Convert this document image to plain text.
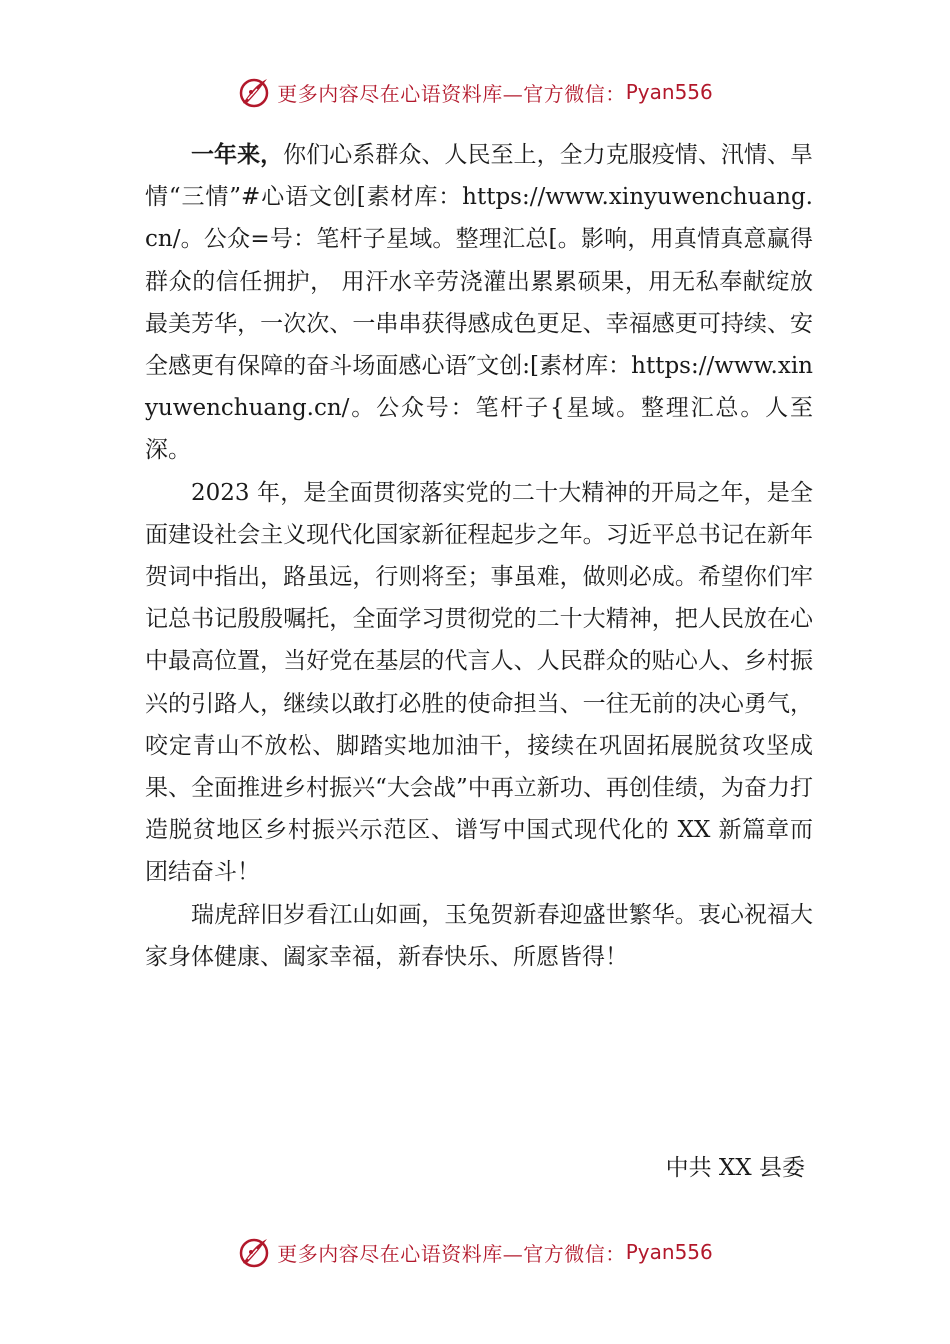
更多内容尽在心语资料库—官方微信： Pyan556

一年来，你们心系群众、人民至上，全力克服疫情、汛情、旱情“三情”#心语文创[素材库：https://www.xinyuwenchuang.cn/。公众=号：笔杆子星域。整理汇总[。影响，用真情真意赢得群众的信任拥护， 用汗水辛劳浇灌出累累硕果，用无私奉献绽放最美芳华，一次次、一串串获得感成色更足、幸福感更可持续、安全感更有保障的奋斗场面感心语″文创:[素材库：https://www.xinyuwenchuang.cn/。公众号：笔杆子{星域。整理汇总。人至深。

2023 年，是全面贯彻落实党的二十大精神的开局之年，是全面建设社会主义现代化国家新征程起步之年。习近平总书记在新年贺词中指出，路虽远，行则将至；事虽难，做则必成。希望你们牢记总书记殷殷嘱托，全面学习贯彻党的二十大精神，把人民放在心中最高位置，当好党在基层的代言人、人民群众的贴心人、乡村振兴的引路人，继续以敢打必胜的使命担当、一往无前的决心勇气，咬定青山不放松、脚踏实地加油干，接续在巩固拓展脱贫攻坚成果、全面推进乡村振兴“大会战”中再立新功、再创佳绩，为奋力打造脱贫地区乡村振兴示范区、谱写中国式现代化的 XX 新篇章而团结奋斗！

瑞虎辞旧岁看江山如画，玉兔贺新春迎盛世繁华。衷心祝福大家身体健康、阖家幸福，新春快乐、所愿皆得！

中共 XX 县委
更多内容尽在心语资料库—官方微信： Pyan556
